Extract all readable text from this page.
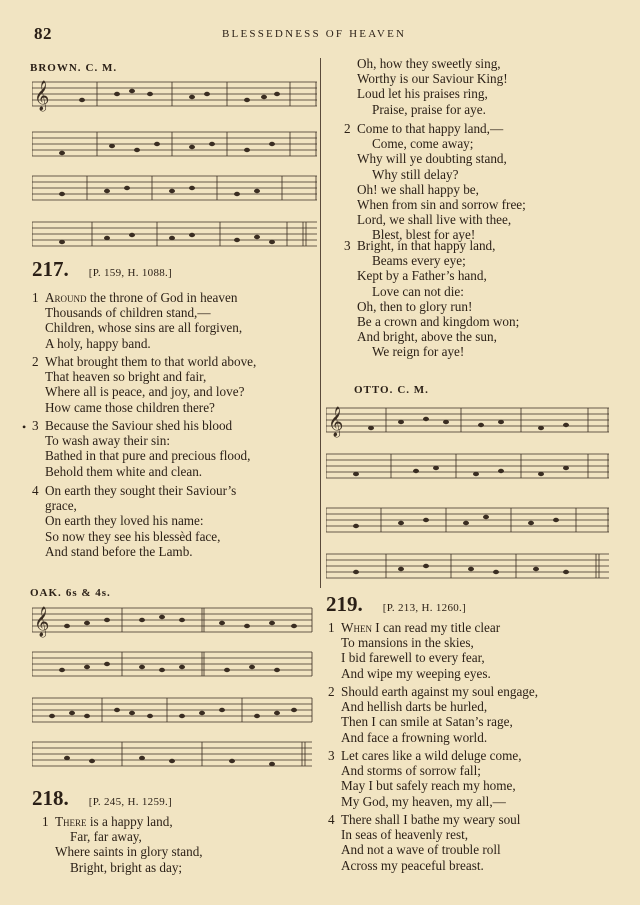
82	BLESSEDNESS OF HEAVEN
BROWN. C. M.
𝄞
217. [P. 159, H. 1088.]
1 Around the throne of God in heaven
Thousands of children stand,—
Children, whose sins are all forgiven,
A holy, happy band.
2 What brought them to that world above,
That heaven so bright and fair,
Where all is peace, and joy, and love?
How came those children there?
• 3 Because the Saviour shed his blood
To wash away their sin:
Bathed in that pure and precious flood,
Behold them white and clean.
4 On earth they sought their Saviour’s
grace,
On earth they loved his name:
So now they see his blessèd face,
And stand before the Lamb.
OAK. 6s & 4s.
𝄞
218. [P. 245, H. 1259.]
1 There is a happy land,
Far, far away,
Where saints in glory stand,
Bright, bright as day;
Oh, how they sweetly sing,
Worthy is our Saviour King!
Loud let his praises ring,
Praise, praise for aye.
2 Come to that happy land,—
Come, come away;
Why will ye doubting stand,
Why still delay?
Oh! we shall happy be,
When from sin and sorrow free;
Lord, we shall live with thee,
Blest, blest for aye!
3 Bright, in that happy land,
Beams every eye;
Kept by a Father’s hand,
Love can not die:
Oh, then to glory run!
Be a crown and kingdom won;
And bright, above the sun,
We reign for aye!
OTTO. C. M.
𝄞
219. [P. 213, H. 1260.]
1 When I can read my title clear
To mansions in the skies,
I bid farewell to every fear,
And wipe my weeping eyes.
2 Should earth against my soul engage,
And hellish darts be hurled,
Then I can smile at Satan’s rage,
And face a frowning world.
3 Let cares like a wild deluge come,
And storms of sorrow fall;
May I but safely reach my home,
My God, my heaven, my all,—
4 There shall I bathe my weary soul
In seas of heavenly rest,
And not a wave of trouble roll
Across my peaceful breast.
